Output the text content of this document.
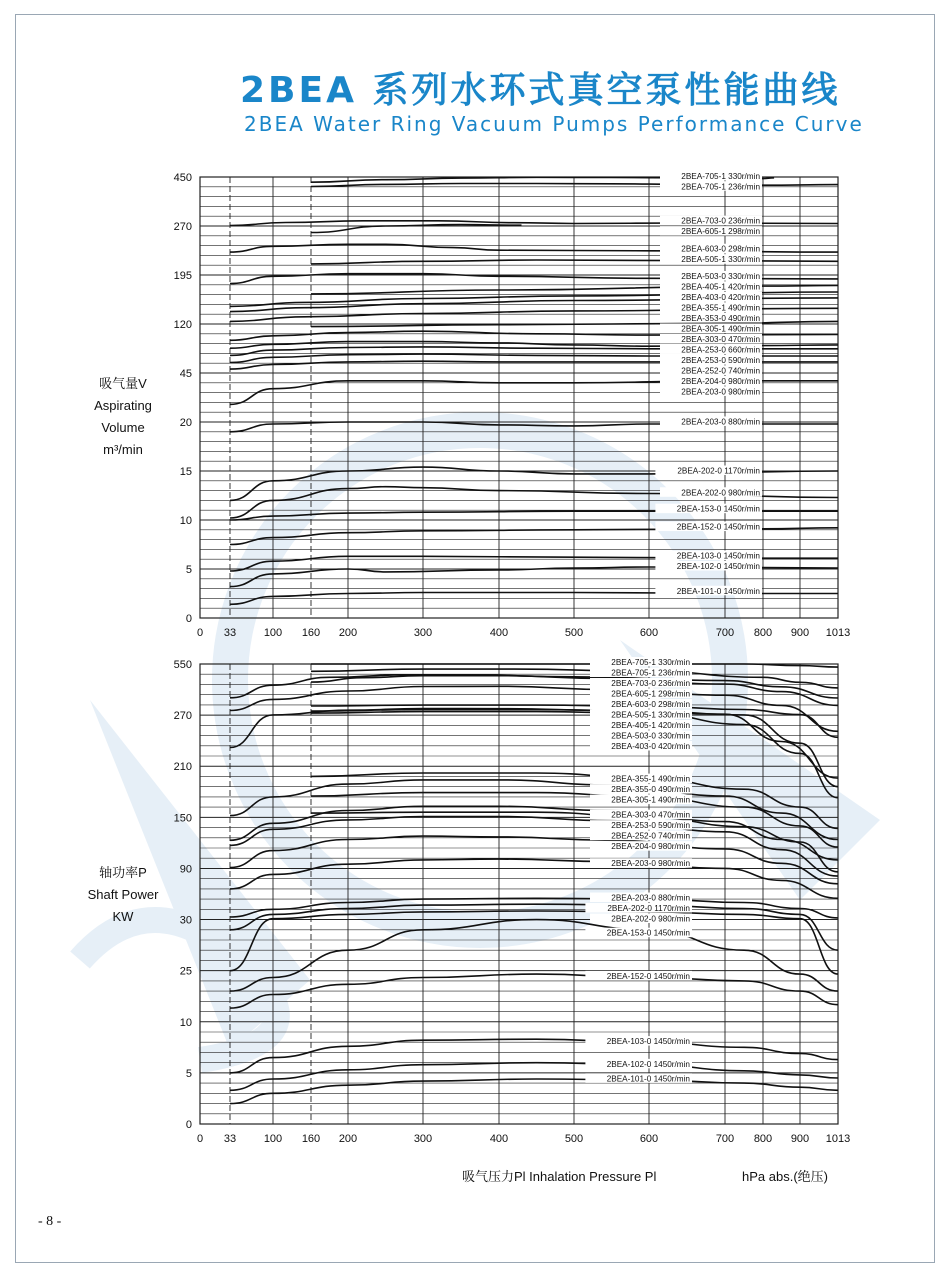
2BEA 系列水环式真空泵性能曲线
2BEA Water Ring Vacuum Pumps Performance Curve
吸气量V
Aspirating
Volume
m³/min
轴功率P
Shaft Power
KW
0
5
10
15
20
45
120
195
270
450
0 33	100 160 200	300	400	500	600	700 800 900 1013
2BEA-705-1 330r/min
2BEA-705-1 236r/min
2BEA-703-0 236r/min
2BEA-605-1 298r/min
2BEA-603-0 298r/min
2BEA-505-1 330r/min
2BEA-503-0 330r/min
2BEA-405-1 420r/min
2BEA-403-0 420r/min
2BEA-355-1 490r/min
2BEA-353-0 490r/min
2BEA-305-1 490r/min
2BEA-303-0 470r/min
2BEA-253-0 660r/min
2BEA-253-0 590r/min
2BEA-252-0 740r/min
2BEA-204-0 980r/min
2BEA-203-0 980r/min
2BEA-203-0 880r/min
2BEA-202-0 1170r/min
2BEA-202-0 980r/min
2BEA-153-0 1450r/min
2BEA-152-0 1450r/min
2BEA-103-0 1450r/min
2BEA-102-0 1450r/min
2BEA-101-0 1450r/min
0
5
10
25
30
90
150
210
270
550
0 33	100 160 200	300	400	500	600	700 800 900 1013
2BEA-705-1 330r/min
2BEA-705-1 236r/min
2BEA-703-0 236r/min
2BEA-605-1 298r/min
2BEA-603-0 298r/min
2BEA-505-1 330r/min
2BEA-405-1 420r/min
2BEA-503-0 330r/min
2BEA-403-0 420r/min
2BEA-355-1 490r/min
2BEA-355-0 490r/min
2BEA-305-1 490r/min
2BEA-303-0 470r/min
2BEA-253-0 590r/min
2BEA-252-0 740r/min
2BEA-204-0 980r/min
2BEA-203-0 980r/min
2BEA-203-0 880r/min
2BEA-202-0 1170r/min
2BEA-202-0 980r/min
2BEA-153-0 1450r/min
2BEA-152-0 1450r/min
2BEA-103-0 1450r/min
2BEA-102-0 1450r/min
2BEA-101-0 1450r/min
吸气压力Pl Inhalation Pressure Pl	hPa abs.(绝压)
- 8 -
